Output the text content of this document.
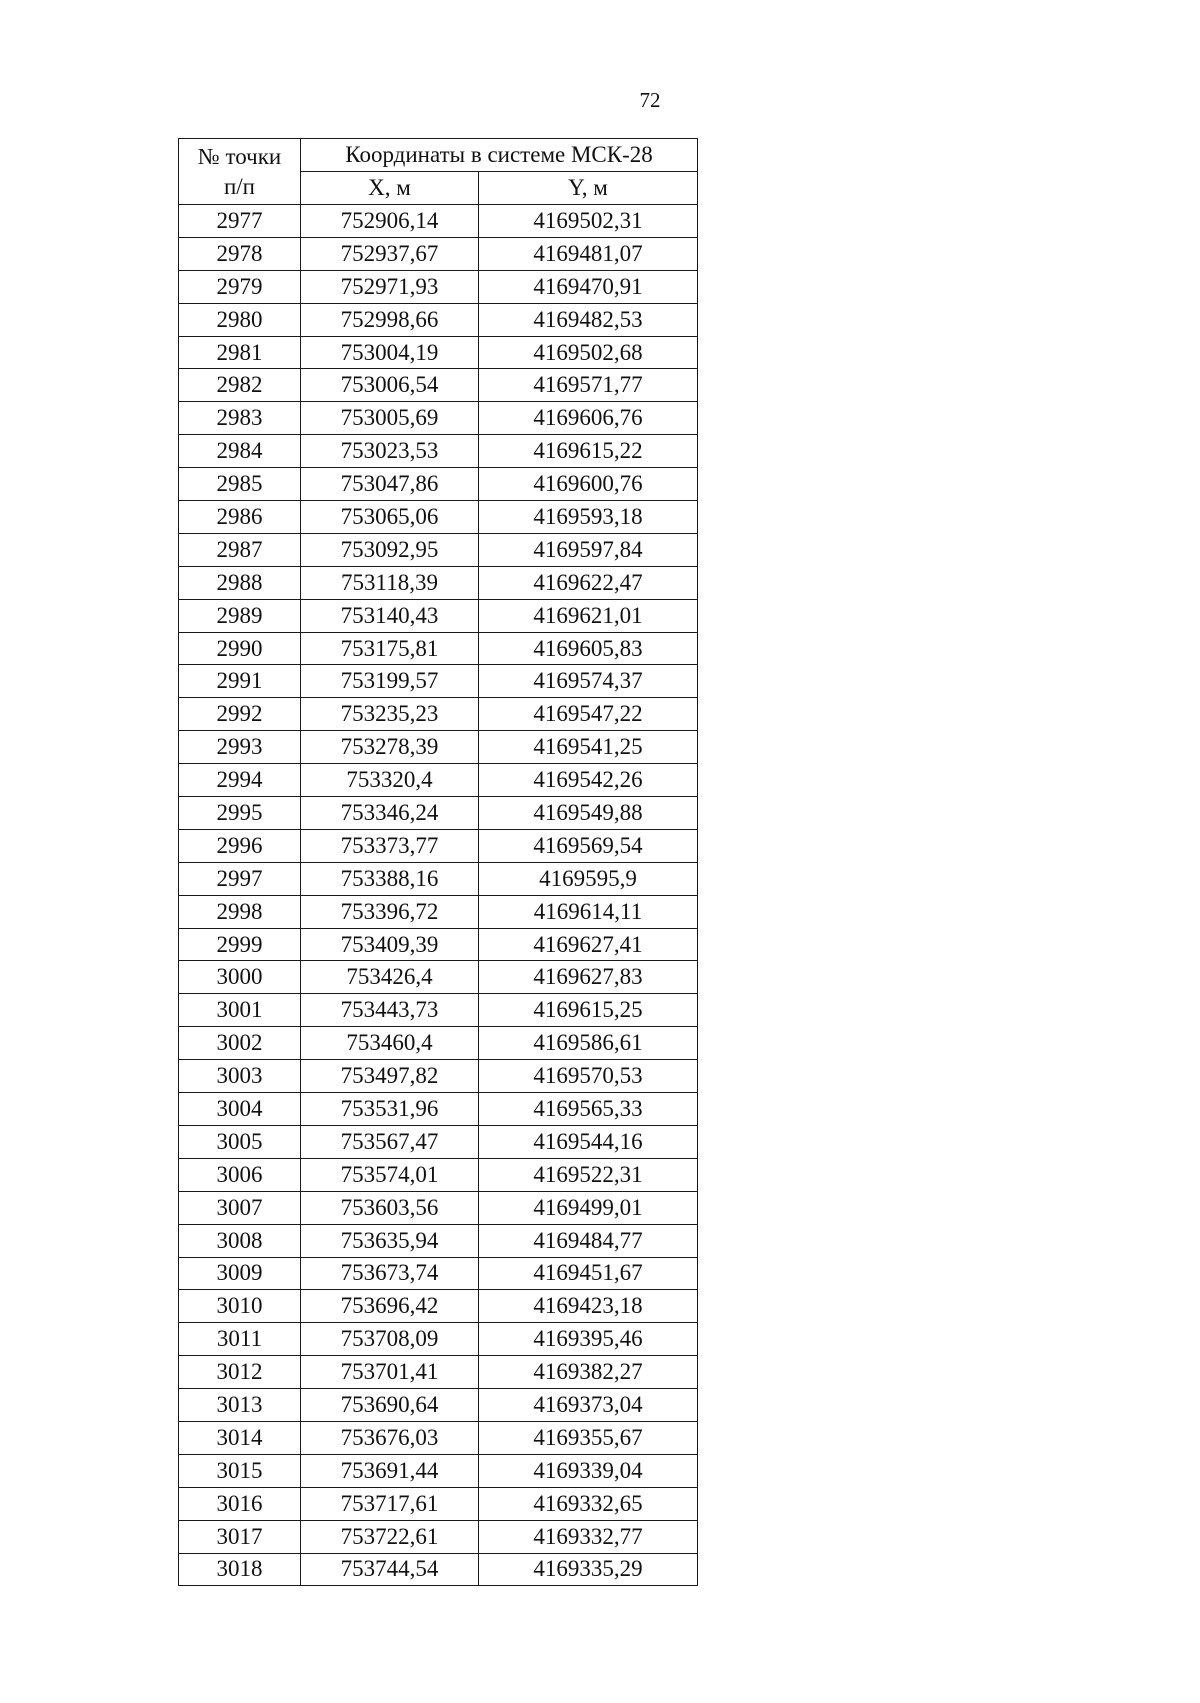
72
№ точки
п/п	Координаты в системе МСК-28	
	X, м	Y, м
2977	752906,14	4169502,31
2978	752937,67	4169481,07
2979	752971,93	4169470,91
2980	752998,66	4169482,53
2981	753004,19	4169502,68
2982	753006,54	4169571,77
2983	753005,69	4169606,76
2984	753023,53	4169615,22
2985	753047,86	4169600,76
2986	753065,06	4169593,18
2987	753092,95	4169597,84
2988	753118,39	4169622,47
2989	753140,43	4169621,01
2990	753175,81	4169605,83
2991	753199,57	4169574,37
2992	753235,23	4169547,22
2993	753278,39	4169541,25
2994	753320,4	4169542,26
2995	753346,24	4169549,88
2996	753373,77	4169569,54
2997	753388,16	4169595,9
2998	753396,72	4169614,11
2999	753409,39	4169627,41
3000	753426,4	4169627,83
3001	753443,73	4169615,25
3002	753460,4	4169586,61
3003	753497,82	4169570,53
3004	753531,96	4169565,33
3005	753567,47	4169544,16
3006	753574,01	4169522,31
3007	753603,56	4169499,01
3008	753635,94	4169484,77
3009	753673,74	4169451,67
3010	753696,42	4169423,18
3011	753708,09	4169395,46
3012	753701,41	4169382,27
3013	753690,64	4169373,04
3014	753676,03	4169355,67
3015	753691,44	4169339,04
3016	753717,61	4169332,65
3017	753722,61	4169332,77
3018	753744,54	4169335,29
